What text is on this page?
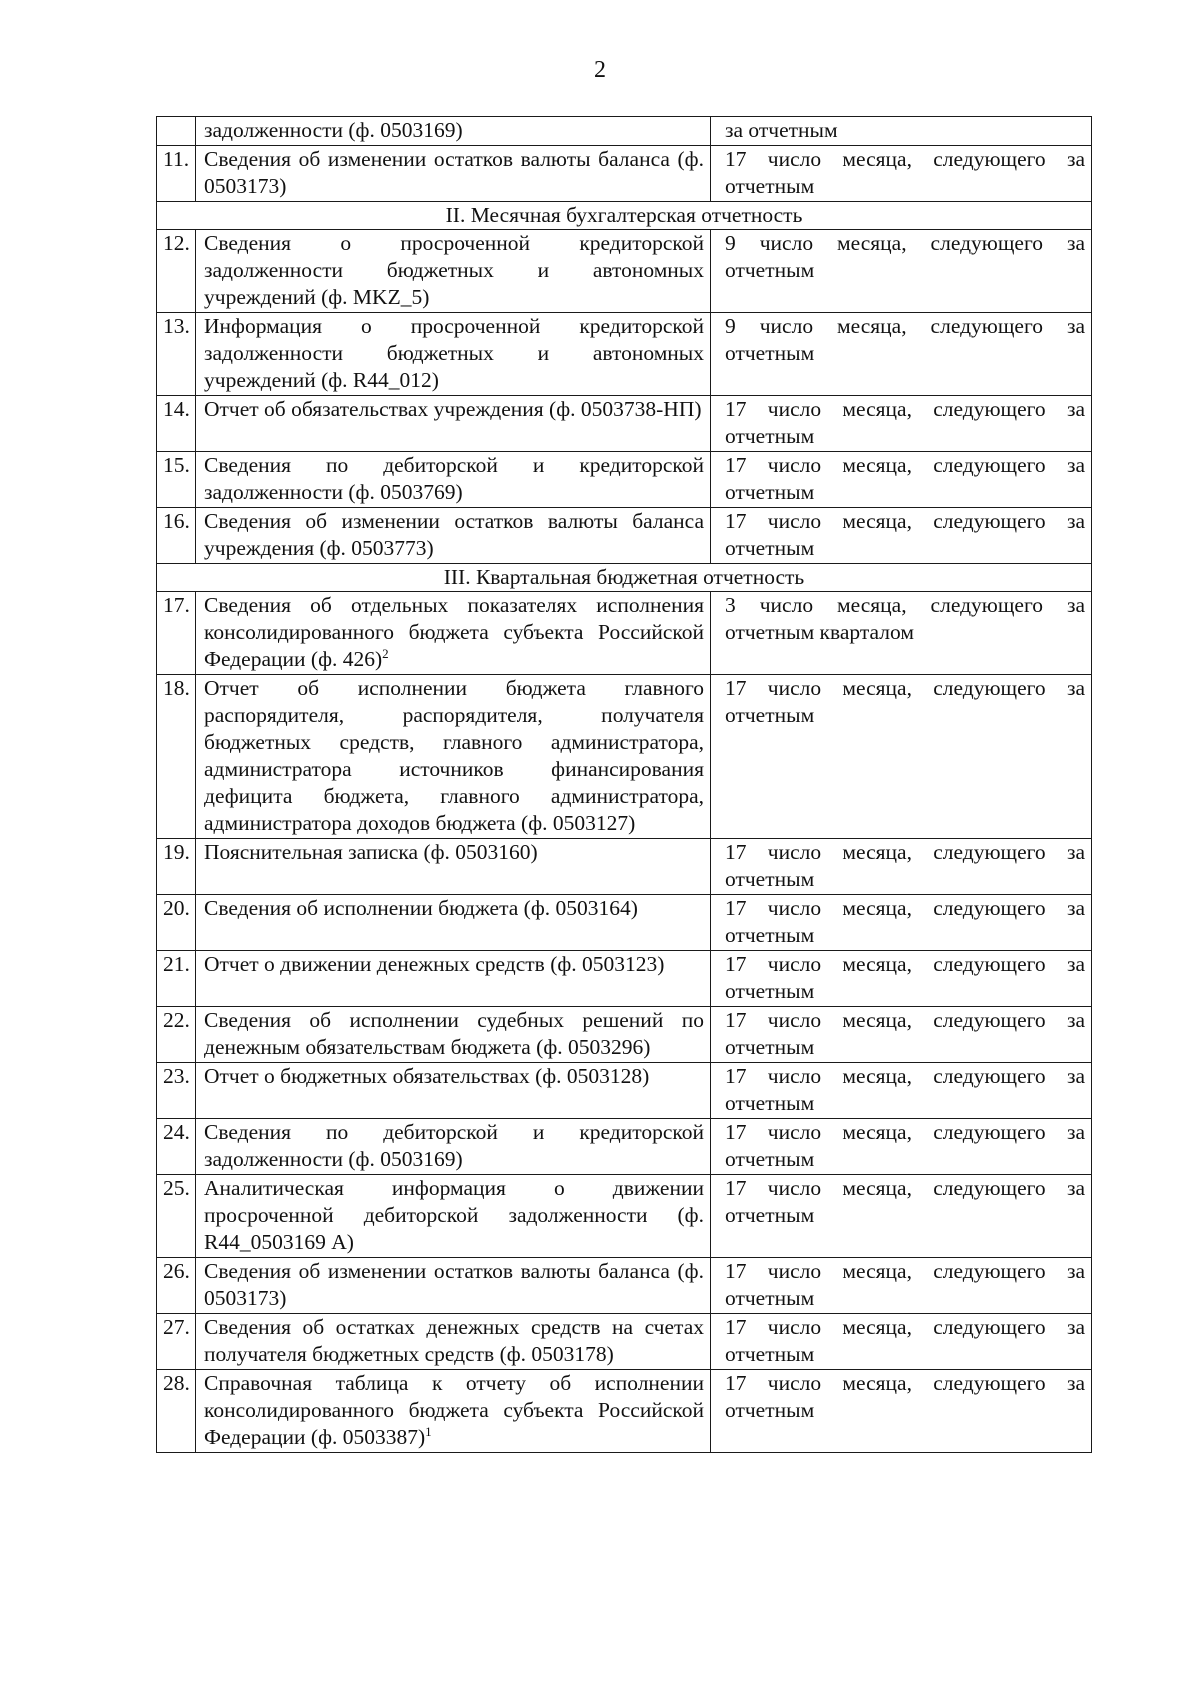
2
	задолженности (ф. 0503169)	за отчетным
11.	Сведения об изменении остатков валюты баланса (ф. 0503173)	17 число месяца, следующего за отчетным
II. Месячная бухгалтерская отчетность		
12.	Сведения о просроченной кредиторской задолженности бюджетных и автономных учреждений (ф. MKZ_5)	9 число месяца, следующего за отчетным
13.	Информация о просроченной кредиторской задолженности бюджетных и автономных учреждений (ф. R44_012)	9 число месяца, следующего за отчетным
14.	Отчет об обязательствах учреждения (ф. 0503738-НП)	17 число месяца, следующего за отчетным
15.	Сведения по дебиторской и кредиторской задолженности (ф. 0503769)	17 число месяца, следующего за отчетным
16.	Сведения об изменении остатков валюты баланса учреждения (ф. 0503773)	17 число месяца, следующего за отчетным
III. Квартальная бюджетная отчетность		
17.	Сведения об отдельных показателях исполнения консолидированного бюджета субъекта Российской Федерации (ф. 426)$^2$	3 число месяца, следующего за отчетным кварталом
18.	Отчет об исполнении бюджета главного распорядителя, распорядителя, получателя бюджетных средств, главного администратора, администратора источников финансирования дефицита бюджета, главного администратора, администратора доходов бюджета (ф. 0503127)	17 число месяца, следующего за отчетным
19.	Пояснительная записка (ф. 0503160)	17 число месяца, следующего за отчетным
20.	Сведения об исполнении бюджета (ф. 0503164)	17 число месяца, следующего за отчетным
21.	Отчет о движении денежных средств (ф. 0503123)	17 число месяца, следующего за отчетным
22.	Сведения об исполнении судебных решений по денежным обязательствам бюджета (ф. 0503296)	17 число месяца, следующего за отчетным
23.	Отчет о бюджетных обязательствах (ф. 0503128)	17 число месяца, следующего за отчетным
24.	Сведения по дебиторской и кредиторской задолженности (ф. 0503169)	17 число месяца, следующего за отчетным
25.	Аналитическая информация о движении просроченной дебиторской задолженности (ф. R44_0503169 А)	17 число месяца, следующего за отчетным
26.	Сведения об изменении остатков валюты баланса (ф. 0503173)	17 число месяца, следующего за отчетным
27.	Сведения об остатках денежных средств на счетах получателя бюджетных средств (ф. 0503178)	17 число месяца, следующего за отчетным
28.	Справочная таблица к отчету об исполнении консолидированного бюджета субъекта Российской Федерации (ф. 0503387)$^1$	17 число месяца, следующего за отчетным
